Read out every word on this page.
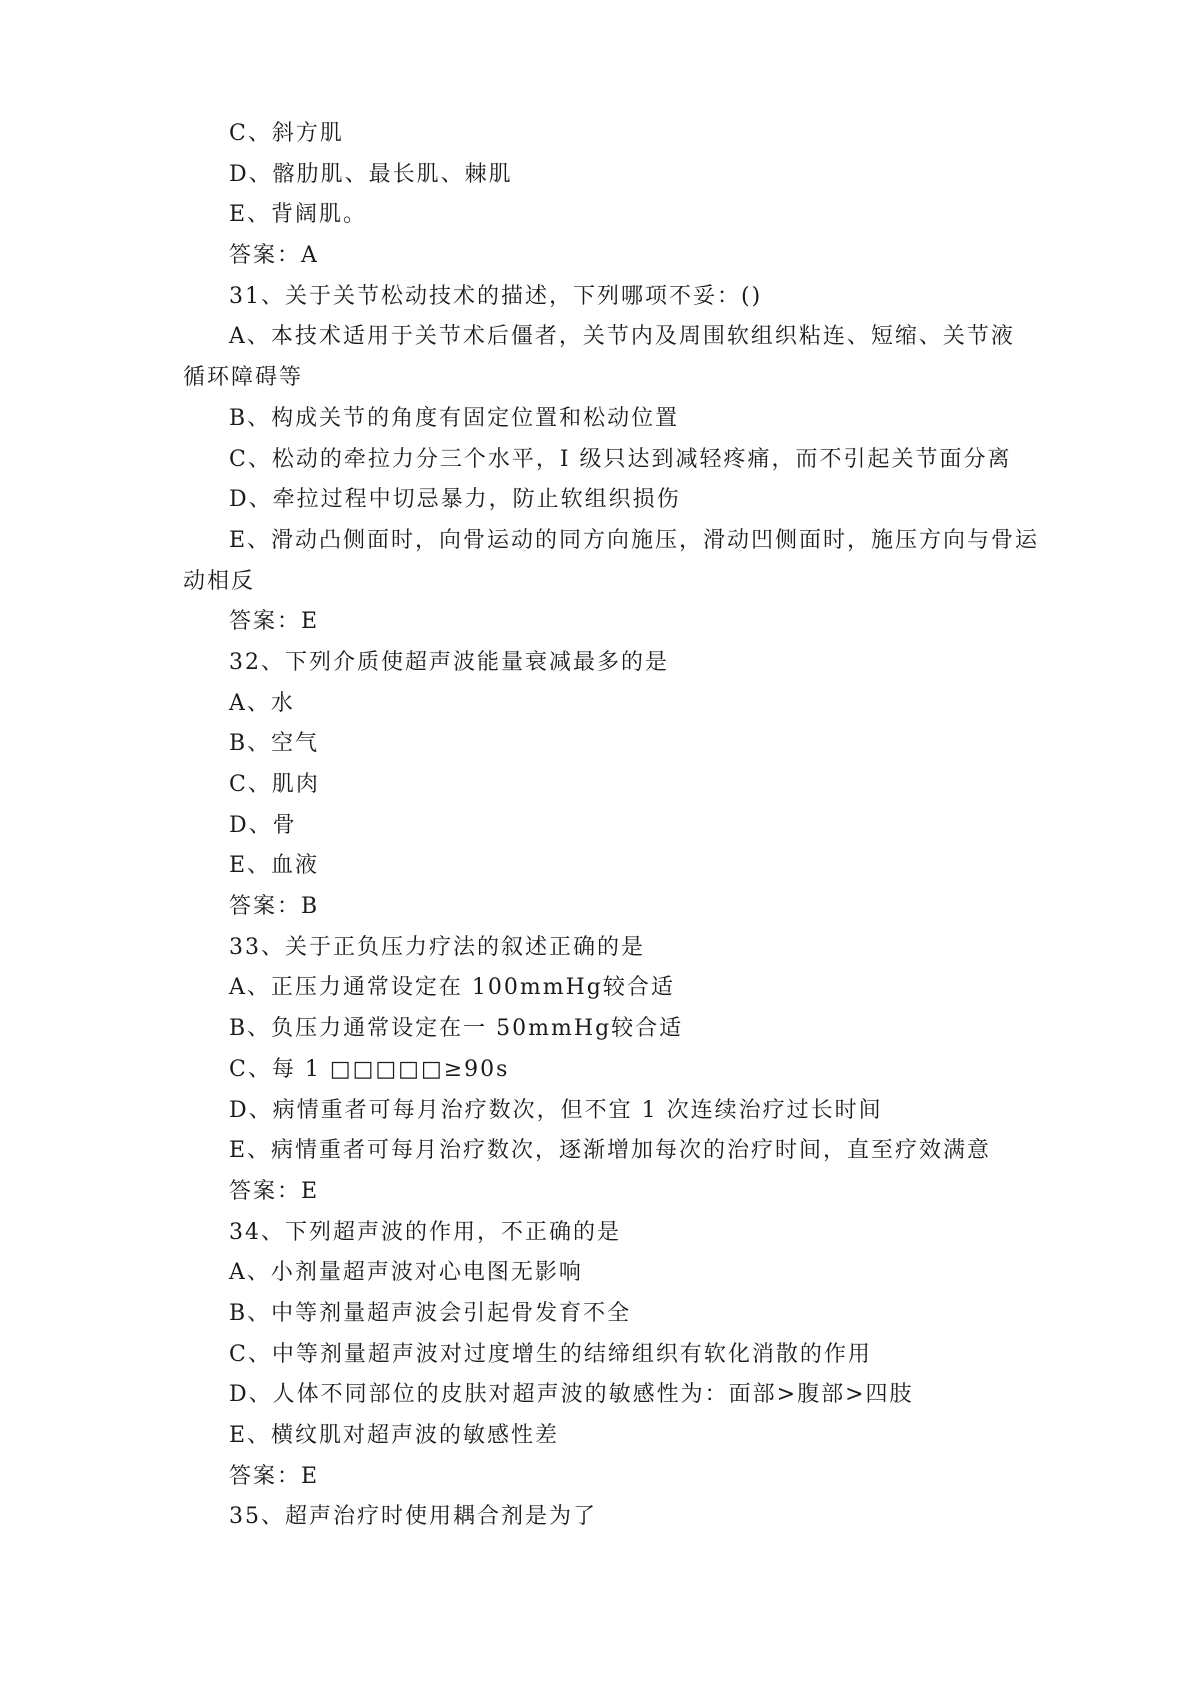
C、斜方肌
D、髂肋肌、最长肌、棘肌
E、背阔肌。
答案：A
31、关于关节松动技术的描述，下列哪项不妥：()
A、本技术适用于关节术后僵者，关节内及周围软组织粘连、短缩、关节液
循环障碍等
B、构成关节的角度有固定位置和松动位置
C、松动的牵拉力分三个水平，I 级只达到减轻疼痛，而不引起关节面分离
D、牵拉过程中切忌暴力，防止软组织损伤
E、滑动凸侧面时，向骨运动的同方向施压，滑动凹侧面时，施压方向与骨运
动相反
答案：E
32、下列介质使超声波能量衰减最多的是
A、水
B、空气
C、肌肉
D、骨
E、血液
答案：B
33、关于正负压力疗法的叙述正确的是
A、正压力通常设定在 100mmHg较合适
B、负压力通常设定在一 50mmHg较合适
C、每 1 □□□□□≥90s
D、病情重者可每月治疗数次，但不宜 1 次连续治疗过长时间
E、病情重者可每月治疗数次，逐渐增加每次的治疗时间，直至疗效满意
答案：E
34、下列超声波的作用，不正确的是
A、小剂量超声波对心电图无影响
B、中等剂量超声波会引起骨发育不全
C、中等剂量超声波对过度增生的结缔组织有软化消散的作用
D、人体不同部位的皮肤对超声波的敏感性为：面部>腹部>四肢
E、横纹肌对超声波的敏感性差
答案：E
35、超声治疗时使用耦合剂是为了
